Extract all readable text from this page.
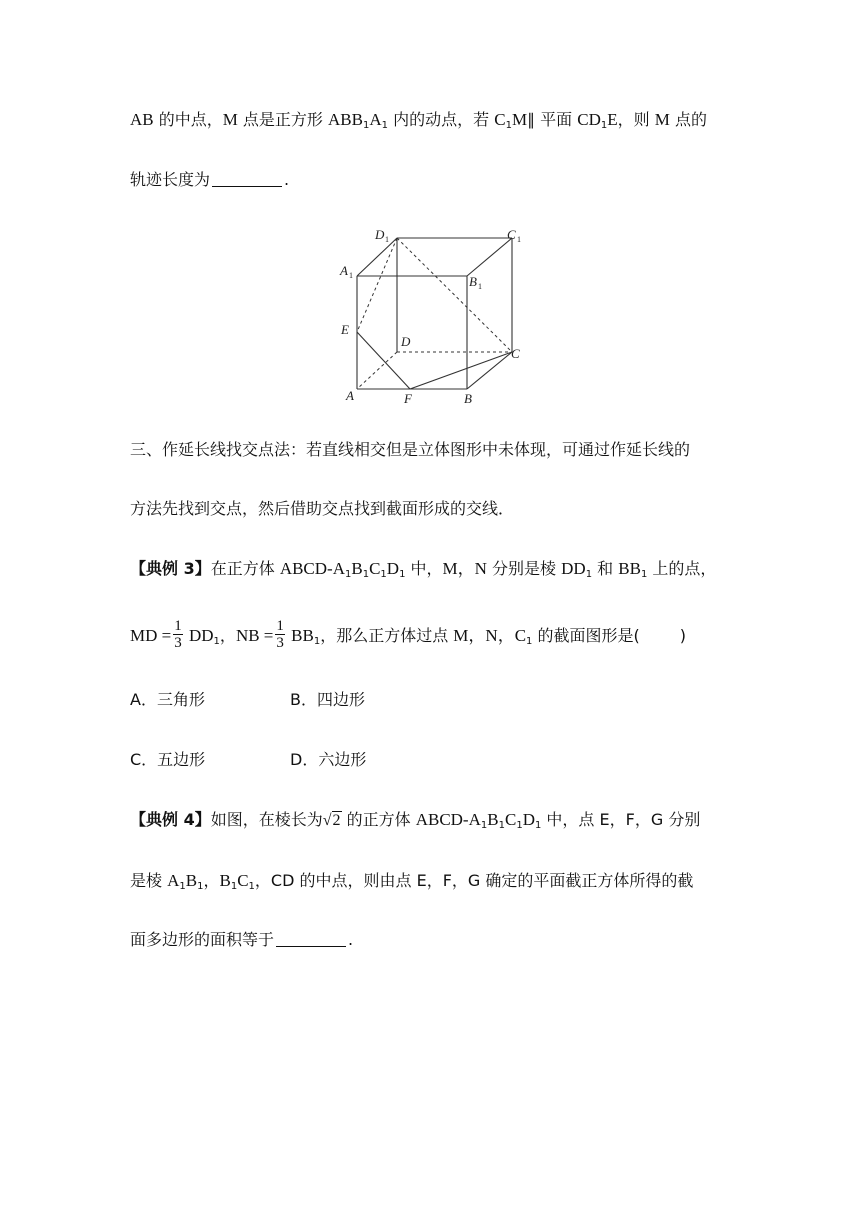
AB 的中点，M 点是正方形 $ABB_1A_1$ 内的动点，若 $C_1M\parallel$ 平面 $CD_1E$，则 M 点的
轨迹长度为	.
D 1	C 1
A 1	B 1
E
D
C
A	F	B
三、作延长线找交点法：若直线相交但是立体图形中未体现，可通过作延长线的
方法先找到交点，然后借助交点找到截面形成的交线．
【典例 3】在正方体 ABCD-$A_1B_1C_1D_1$ 中，M，N 分别是棱 $DD_1$ 和 $BB_1$ 上的点，
MD = $\frac{1}{3} DD_1$，NB = $\frac{1}{3} BB_1$，那么正方体过点 M，N，$C_1$ 的截面图形是(	)
A．三角形	B．四边形
C．五边形	D．六边形
【典例 4】如图，在棱长为√2 的正方体 ABCD-$A_1B_1C_1D_1$ 中，点 E，F，G 分别
是棱 $A_1B_1$，$B_1C_1$，CD 的中点，则由点 E，F，G 确定的平面截正方体所得的截
面多边形的面积等于	.
